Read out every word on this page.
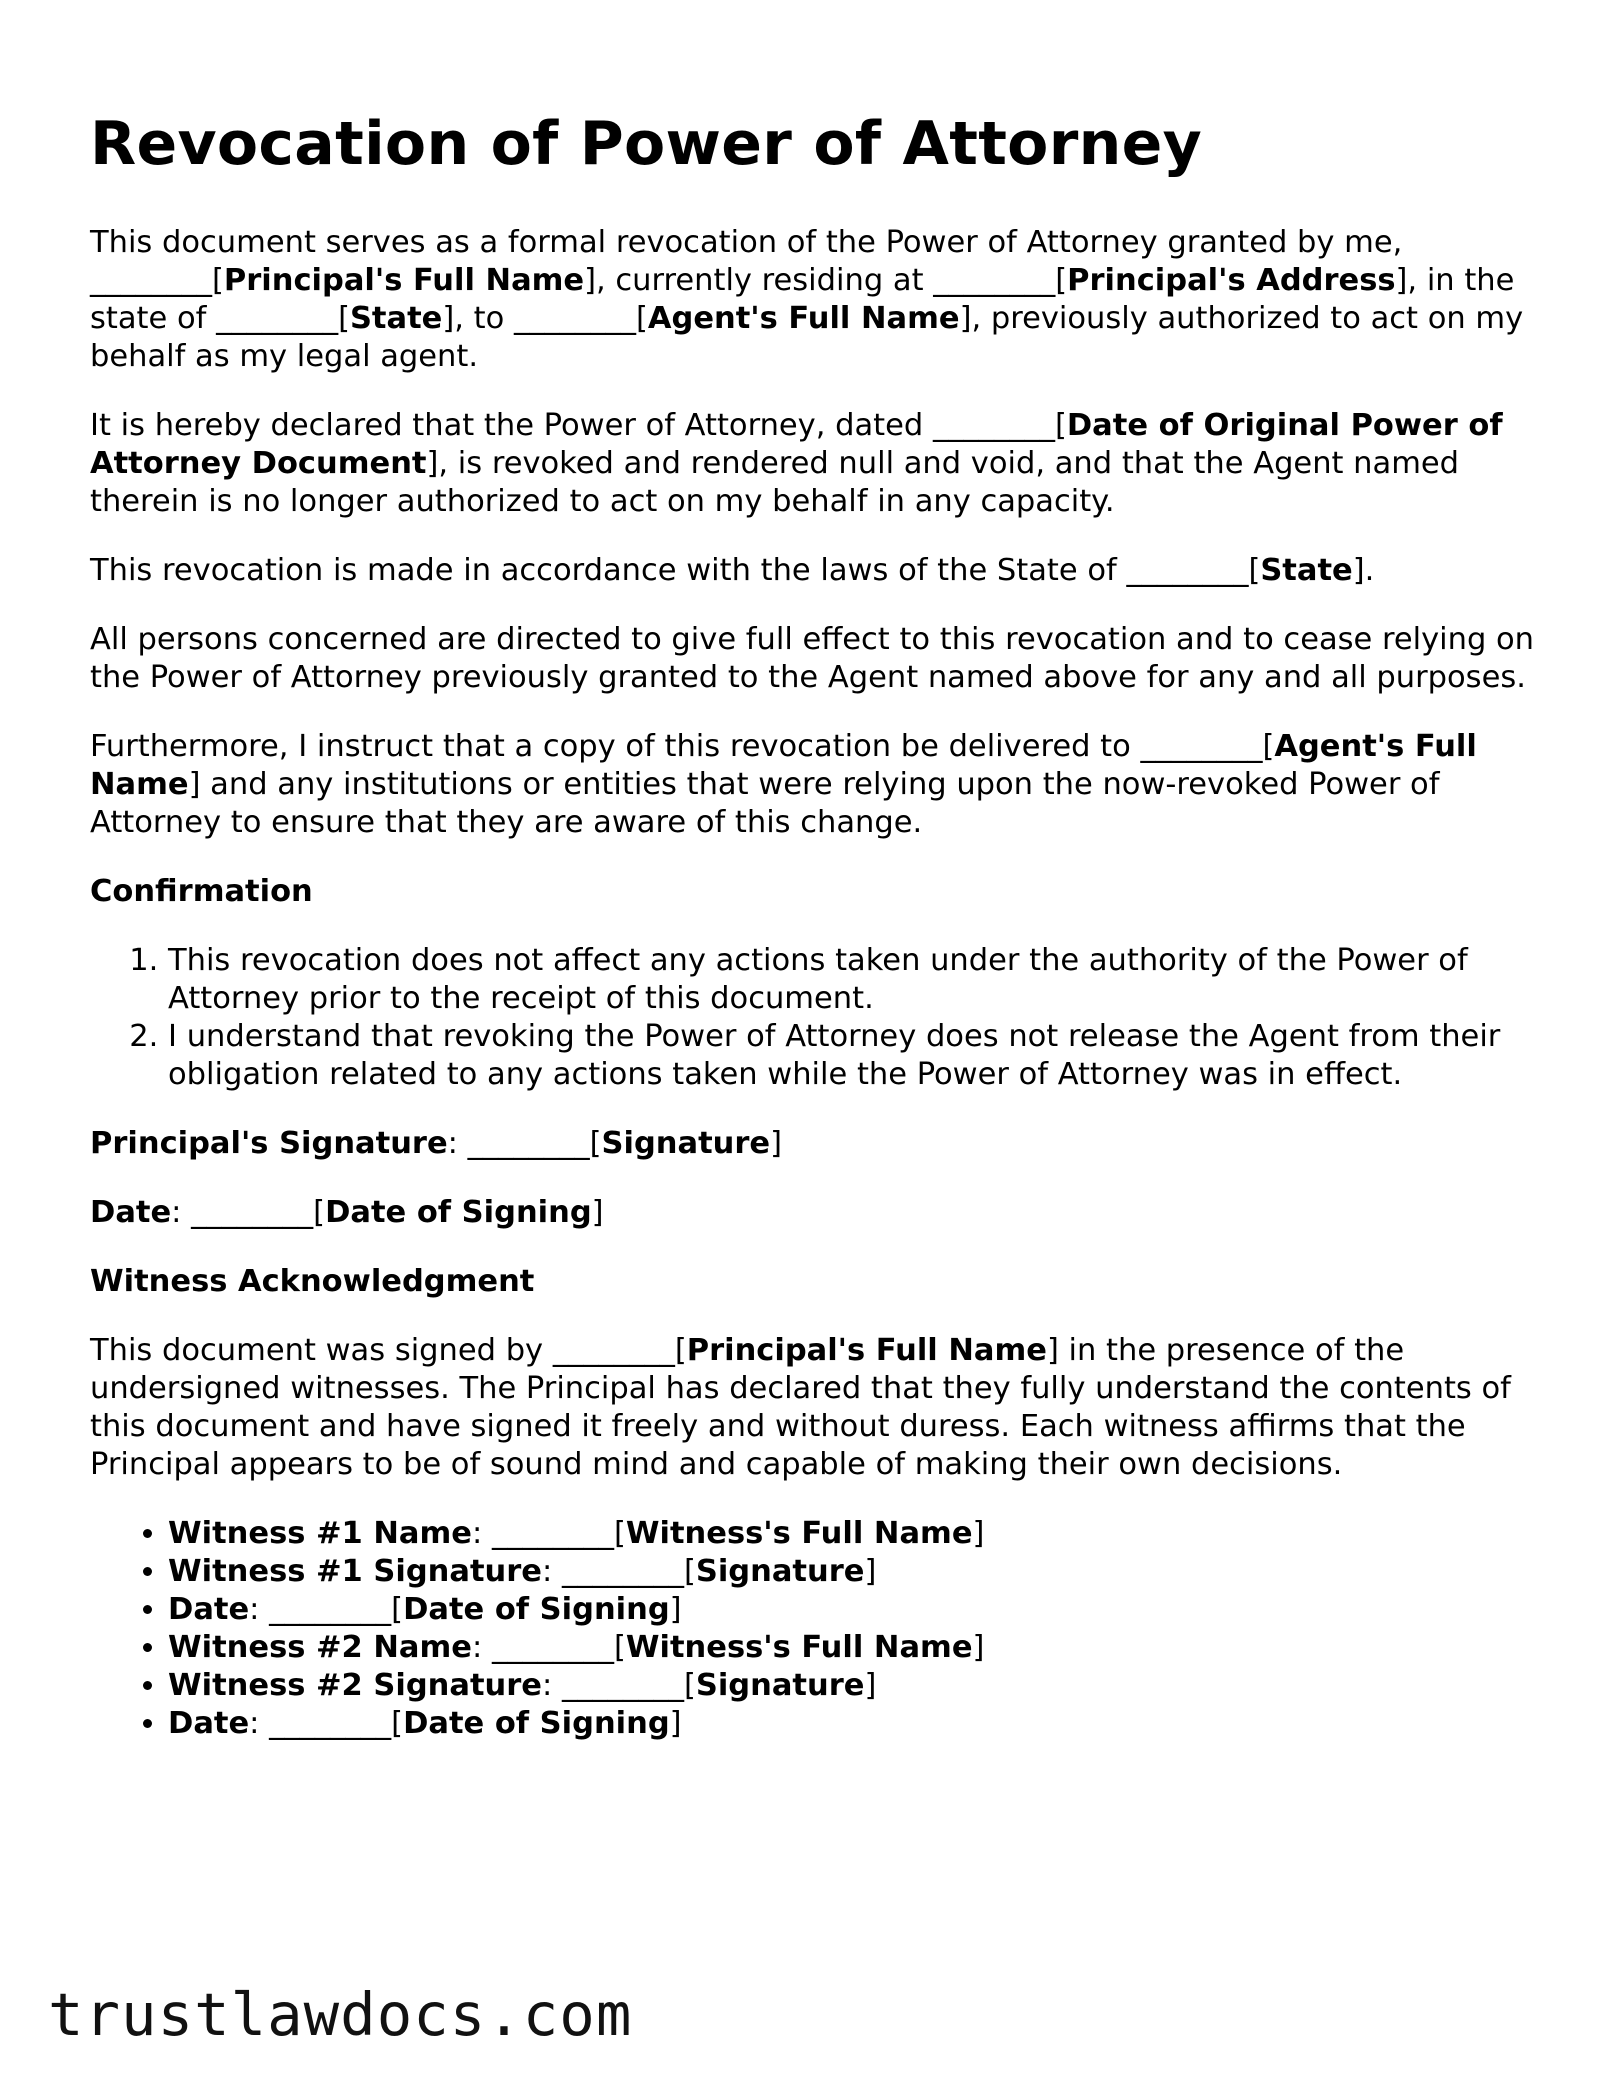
Revocation of Power of Attorney

This document serves as a formal revocation of the Power of Attorney granted by me, ________[Principal's Full Name], currently residing at ________[Principal's Address], in the state of ________[State], to ________[Agent's Full Name], previously authorized to act on my behalf as my legal agent.

It is hereby declared that the Power of Attorney, dated ________[Date of Original Power of Attorney Document], is revoked and rendered null and void, and that the Agent named therein is no longer authorized to act on my behalf in any capacity.

This revocation is made in accordance with the laws of the State of ________[State].

All persons concerned are directed to give full effect to this revocation and to cease relying on the Power of Attorney previously granted to the Agent named above for any and all purposes.

Furthermore, I instruct that a copy of this revocation be delivered to ________[Agent's Full Name] and any institutions or entities that were relying upon the now-revoked Power of Attorney to ensure that they are aware of this change.

Confirmation

1. This revocation does not affect any actions taken under the authority of the Power of Attorney prior to the receipt of this document.
2. I understand that revoking the Power of Attorney does not release the Agent from their obligation related to any actions taken while the Power of Attorney was in effect.

Principal's Signature: ________[Signature]

Date: ________[Date of Signing]

Witness Acknowledgment

This document was signed by ________[Principal's Full Name] in the presence of the undersigned witnesses. The Principal has declared that they fully understand the contents of this document and have signed it freely and without duress. Each witness affirms that the Principal appears to be of sound mind and capable of making their own decisions.

• Witness #1 Name: ________[Witness's Full Name]
• Witness #1 Signature: ________[Signature]
• Date: ________[Date of Signing]
• Witness #2 Name: ________[Witness's Full Name]
• Witness #2 Signature: ________[Signature]
• Date: ________[Date of Signing]
trustlawdocs.com
